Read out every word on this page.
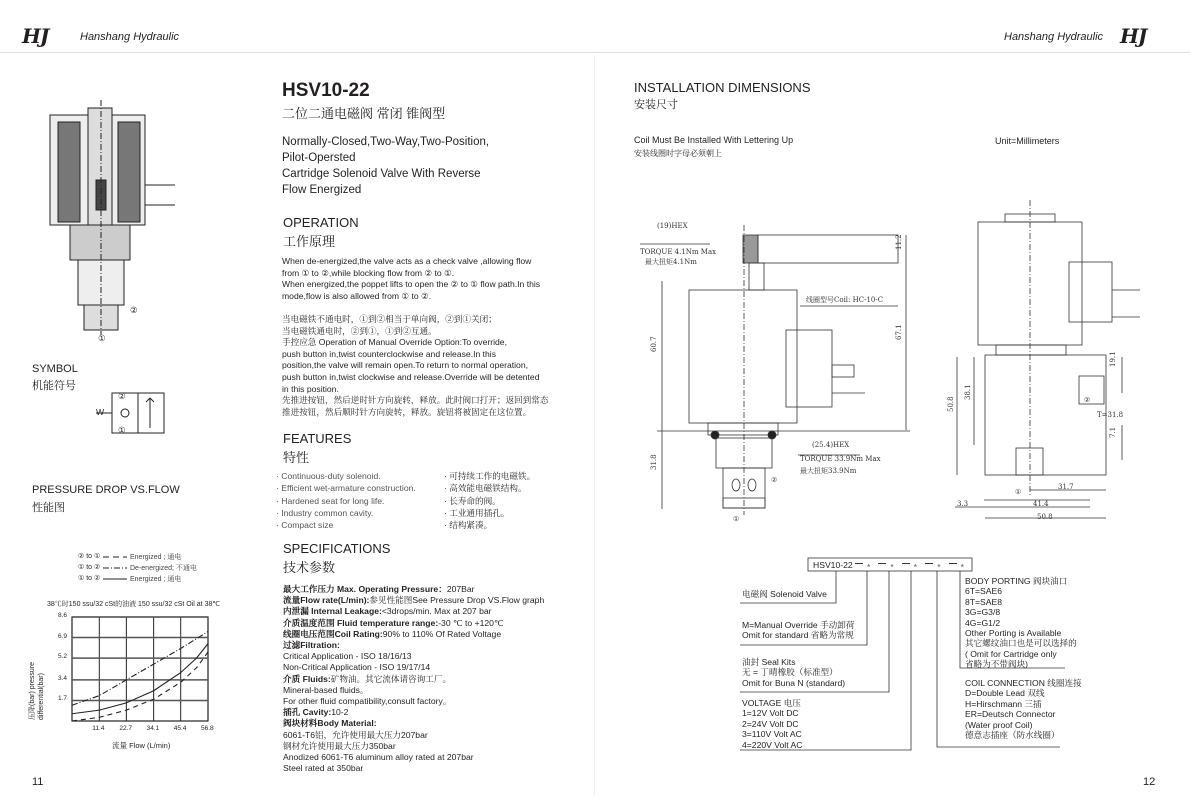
HJ	Hanshang Hydraulic	Hanshang Hydraulic HJ
②
①
SYMBOL
机能符号
②
①
W
PRESSURE DROP VS.FLOW
性能图
② to ①	Energized ; 通电
① to ②	De-energized; 不通电
① to ②	Energized ; 通电
38℃时150 ssu/32 cSt的油液 150 ssu/32 cSt Oil at 38℃
压降(bar) pressure differential(bar)
流量 Flow (L/min)
11.4 22.7 34.1 45.4 56.8
8.6
6.9
5.2
3.4
1.7
11
HSV10-22
二位二通电磁阀 常闭 锥阀型
Normally-Closed,Two-Way,Two-Position,
Pilot-Opersted
Cartridge Solenoid Valve With Reverse
Flow Energized
OPERATION
工作原理
When de-energized,the valve acts as a check valve ,allowing flow
from ① to ②,while blocking flow from ② to ①.
When energized,the poppet lifts to open the ② to ① flow path.In this
mode,flow is also allowed from ① to ②.
当电磁铁不通电时，①到②相当于单向阀，②到①关闭；
当电磁铁通电时，②到①，①到②互通。
手控应急 Operation of Manual Override Option:To override,
push button in,twist counterclockwise and release.In this
position,the valve will remain open.To return to normal operation,
push button in,twist clockwise and release.Override will be detented
in this position.
先推进按钮，然后逆时针方向旋转，释放。此时阀口打开；返回到常态
推进按钮，然后顺时针方向旋转，释放。旋钮将被固定在这位置。
FEATURES
特性
· Continuous-duty solenoid.	· 可持续工作的电磁铁。
· Efficient wet-armature construction.	· 高效能电磁铁结构。
· Hardened seat for long life.	· 长寿命的阀。
· Industry common cavity.	· 工业通用插孔。
· Compact size	· 结构紧凑。
SPECIFICATIONS
技术参数
最大工作压力 Max. Operating Pressure：207Bar
流量Flow rate(L/min):参见性能图See Pressure Drop VS.Flow graph
内泄漏 Internal Leakage:<3drops/min. Max at 207 bar
介质温度范围 Fluid temperature range:-30 ℃ to +120℃
线圈电压范围Coil Rating:90% to 110% Of Rated Voltage
过滤Filtration:
Critical Application - ISO 18/16/13
Non-Critical Application - ISO 19/17/14
介质 Fluids:矿物油。其它流体请咨询工厂。
Mineral-based fluids。
For other fluid compatibility,consult factory。
插孔 Cavity:10-2
阀块材料Body Material:
6061-T6铝，允许使用最大压力207bar
钢材允许使用最大压力350bar
Anodized 6061-T6 aluminum alloy rated at 207bar
Steel rated at 350bar
INSTALLATION DIMENSIONS
安装尺寸
Coil Must Be Installed With Lettering Up
安装线圈时字母必须朝上
Unit=Millimeters
(19)HEX
TORQUE 4.1Nm Max
最大扭矩4.1Nm
线圈型号Coil: HC-10-C
(25.4)HEX
TORQUE 33.9Nm Max
最大扭矩33.9Nm
60.7
67.1
11.2
31.8
①
②
50.8
38.1
19.1
T=31.8
7.1
31.7
3.3	41.4
50.8
①
②
HSV10-22 * * * * *
电磁阀 Solenoid Valve
M=Manual Override 手动卸荷
Omit for standard 省略为常规
油封 Seal Kits
无 = 丁晴橡胶（标准型）
Omit for Buna N (standard)
VOLTAGE 电压
1=12V Volt DC
2=24V Volt DC
3=110V Volt AC
4=220V Volt AC
BODY PORTING 阀块油口
6T=SAE6
8T=SAE8
3G=G3/8
4G=G1/2
Other Porting is Available
其它螺纹油口也是可以选择的
( Omit for Cartridge only
省略为不带阀块)
COIL CONNECTION 线圈连接
D=Double Lead 双线
H=Hirschmann 三插
ER=Deutsch Connector
(Water proof Coil)
德意志插座（防水线圈）
12
